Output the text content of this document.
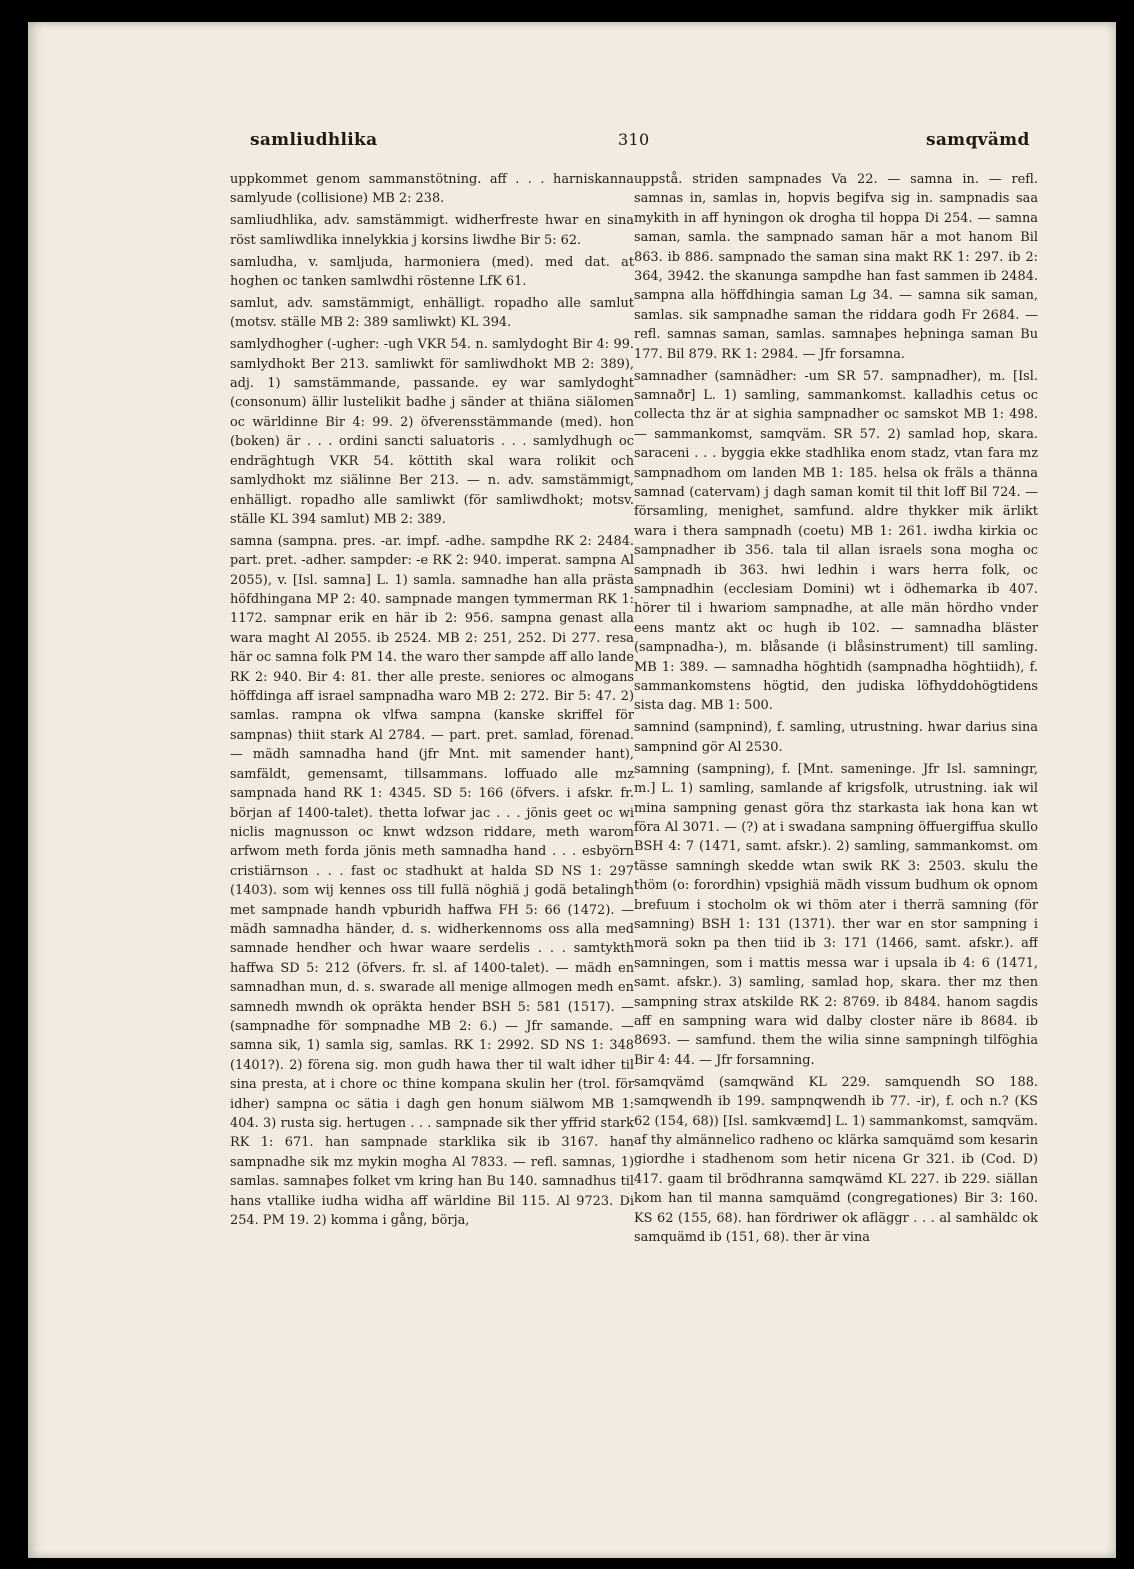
samliudhlika	310	samqvämd

uppkommet genom sammanstötning. aff . . . harniskanna samlyude (collisione) MB 2: 238.

samliudhlika, adv. samstämmigt. widherfreste hwar en sina röst samliwdlika innelykkia j korsins liwdhe Bir 5: 62.

samludha, v. samljuda, harmoniera (med). med dat. at hoghen oc tanken samlwdhi röstenne LfK 61.

samlut, adv. samstämmigt, enhälligt. ropadho alle samlut (motsv. ställe MB 2: 389 samliwkt) KL 394.

samlydhogher (-ugher: -ugh VKR 54. n. samlydoght Bir 4: 99. samlydhokt Ber 213. samliwkt för samliwdhokt MB 2: 389), adj. 1) samstämmande, passande. ey war samlydoght (consonum) ällir lustelikit badhe j sänder at thiäna siälomen oc wärldinne Bir 4: 99. 2) öfverensstämmande (med). hon (boken) är . . . ordini sancti saluatoris . . . samlydhugh oc endräghtugh VKR 54. köttith skal wara rolikit och samlydhokt mz siälinne Ber 213. — n. adv. samstämmigt, enhälligt. ropadho alle samliwkt (för samliwdhokt; motsv. ställe KL 394 samlut) MB 2: 389.

samna (sampna. pres. -ar. impf. -adhe. sampdhe RK 2: 2484. part. pret. -adher. sampder: -e RK 2: 940. imperat. sampna Al 2055), v. [Isl. samna] L. 1) samla. samnadhe han alla prästa höfdhingana MP 2: 40. sampnade mangen tymmerman RK 1: 1172. sampnar erik en här ib 2: 956. sampna genast alla wara maght Al 2055. ib 2524. MB 2: 251, 252. Di 277. resa här oc samna folk PM 14. the waro ther sampde aff allo lande RK 2: 940. Bir 4: 81. ther alle preste. seniores oc almogans höffdinga aff israel sampnadha waro MB 2: 272. Bir 5: 47. 2) samlas. rampna ok vlfwa sampna (kanske skriffel för sampnas) thiit stark Al 2784. — part. pret. samlad, förenad. — mädh samnadha hand (jfr Mnt. mit samender hant), samfäldt, gemensamt, tillsammans. loffuado alle mz sampnada hand RK 1: 4345. SD 5: 166 (öfvers. i afskr. fr. början af 1400-talet). thetta lofwar jac . . . jönis geet oc wi niclis magnusson oc knwt wdzson riddare, meth warom arfwom meth forda jönis meth samnadha hand . . . esbyörn cristiärnson . . . fast oc stadhukt at halda SD NS 1: 297 (1403). som wij kennes oss till fullä nöghiä j godä betalingh met sampnade handh vpburidh haffwa FH 5: 66 (1472). — mädh samnadha händer, d. s. widherkennoms oss alla med samnade hendher och hwar waare serdelis . . . samtykth haffwa SD 5: 212 (öfvers. fr. sl. af 1400-talet). — mädh en samnadhan mun, d. s. swarade all menige allmogen medh en samnedh mwndh ok opräkta hender BSH 5: 581 (1517). — (sampnadhe för sompnadhe MB 2: 6.) — Jfr samande. — samna sik, 1) samla sig, samlas. RK 1: 2992. SD NS 1: 348 (1401?). 2) förena sig. mon gudh hawa ther til walt idher til sina presta, at i chore oc thine kompana skulin her (trol. för idher) sampna oc sätia i dagh gen honum siälwom MB 1: 404. 3) rusta sig. hertugen . . . sampnade sik ther yffrid stark RK 1: 671. han sampnade starklika sik ib 3167. han sampnadhe sik mz mykin mogha Al 7833. — refl. samnas, 1) samlas. samnaþes folket vm kring han Bu 140. samnadhus til hans vtallike iudha widha aff wärldine Bil 115. Al 9723. Di 254. PM 19. 2) komma i gång, börja,

uppstå. striden sampnades Va 22. — samna in. — refl. samnas in, samlas in, hopvis begifva sig in. sampnadis saa mykith in aff hyningon ok drogha til hoppa Di 254. — samna saman, samla. the sampnado saman här a mot hanom Bil 863. ib 886. sampnado the saman sina makt RK 1: 297. ib 2: 364, 3942. the skanunga sampdhe han fast sammen ib 2484. sampna alla höffdhingia saman Lg 34. — samna sik saman, samlas. sik sampnadhe saman the riddara godh Fr 2684. — refl. samnas saman, samlas. samnaþes heþninga saman Bu 177. Bil 879. RK 1: 2984. — Jfr forsamna.

samnadher (samnädher: -um SR 57. sampnadher), m. [Isl. samnaðr] L. 1) samling, sammankomst. kalladhis cetus oc collecta thz är at sighia sampnadher oc samskot MB 1: 498. — sammankomst, samqväm. SR 57. 2) samlad hop, skara. saraceni . . . byggia ekke stadhlika enom stadz, vtan fara mz sampnadhom om landen MB 1: 185. helsa ok fräls a thänna samnad (catervam) j dagh saman komit til thit loff Bil 724. — församling, menighet, samfund. aldre thykker mik ärlikt wara i thera sampnadh (coetu) MB 1: 261. iwdha kirkia oc sampnadher ib 356. tala til allan israels sona mogha oc sampnadh ib 363. hwi ledhin i wars herra folk, oc sampnadhin (ecclesiam Domini) wt i ödhemarka ib 407. hörer til i hwariom sampnadhe, at alle män hördho vnder eens mantz akt oc hugh ib 102. — samnadha bläster (sampnadha-), m. blåsande (i blåsinstrument) till samling. MB 1: 389. — samnadha höghtidh (sampnadha höghtiidh), f. sammankomstens högtid, den judiska löfhyddohögtidens sista dag. MB 1: 500.

samnind (sampnind), f. samling, utrustning. hwar darius sina sampnind gör Al 2530.

samning (sampning), f. [Mnt. sameninge. Jfr Isl. samningr, m.] L. 1) samling, samlande af krigsfolk, utrustning. iak wil mina sampning genast göra thz starkasta iak hona kan wt föra Al 3071. — (?) at i swadana sampning öffuergiffua skullo BSH 4: 7 (1471, samt. afskr.). 2) samling, sammankomst. om tässe samningh skedde wtan swik RK 3: 2503. skulu the thöm (o: forordhin) vpsighiä mädh vissum budhum ok opnom brefuum i stocholm ok wi thöm ater i therrä samning (för samning) BSH 1: 131 (1371). ther war en stor sampning i morä sokn pa then tiid ib 3: 171 (1466, samt. afskr.). aff samningen, som i mattis messa war i upsala ib 4: 6 (1471, samt. afskr.). 3) samling, samlad hop, skara. ther mz then sampning strax atskilde RK 2: 8769. ib 8484. hanom sagdis aff en sampning wara wid dalby closter näre ib 8684. ib 8693. — samfund. them the wilia sinne sampningh tilföghia Bir 4: 44. — Jfr forsamning.

samqvämd (samqwänd KL 229. samquendh SO 188. samqwendh ib 199. sampnqwendh ib 77. -ir), f. och n.? (KS 62 (154, 68)) [Isl. samkvæmd] L. 1) sammankomst, samqväm. af thy almännelico radheno oc klärka samquämd som kesarin giordhe i stadhenom som hetir nicena Gr 321. ib (Cod. D) 417. gaam til brödhranna samqwämd KL 227. ib 229. siällan kom han til manna samquämd (congregationes) Bir 3: 160. KS 62 (155, 68). han fördriwer ok afläggr . . . al samhäldc ok samquämd ib (151, 68). ther är vina
